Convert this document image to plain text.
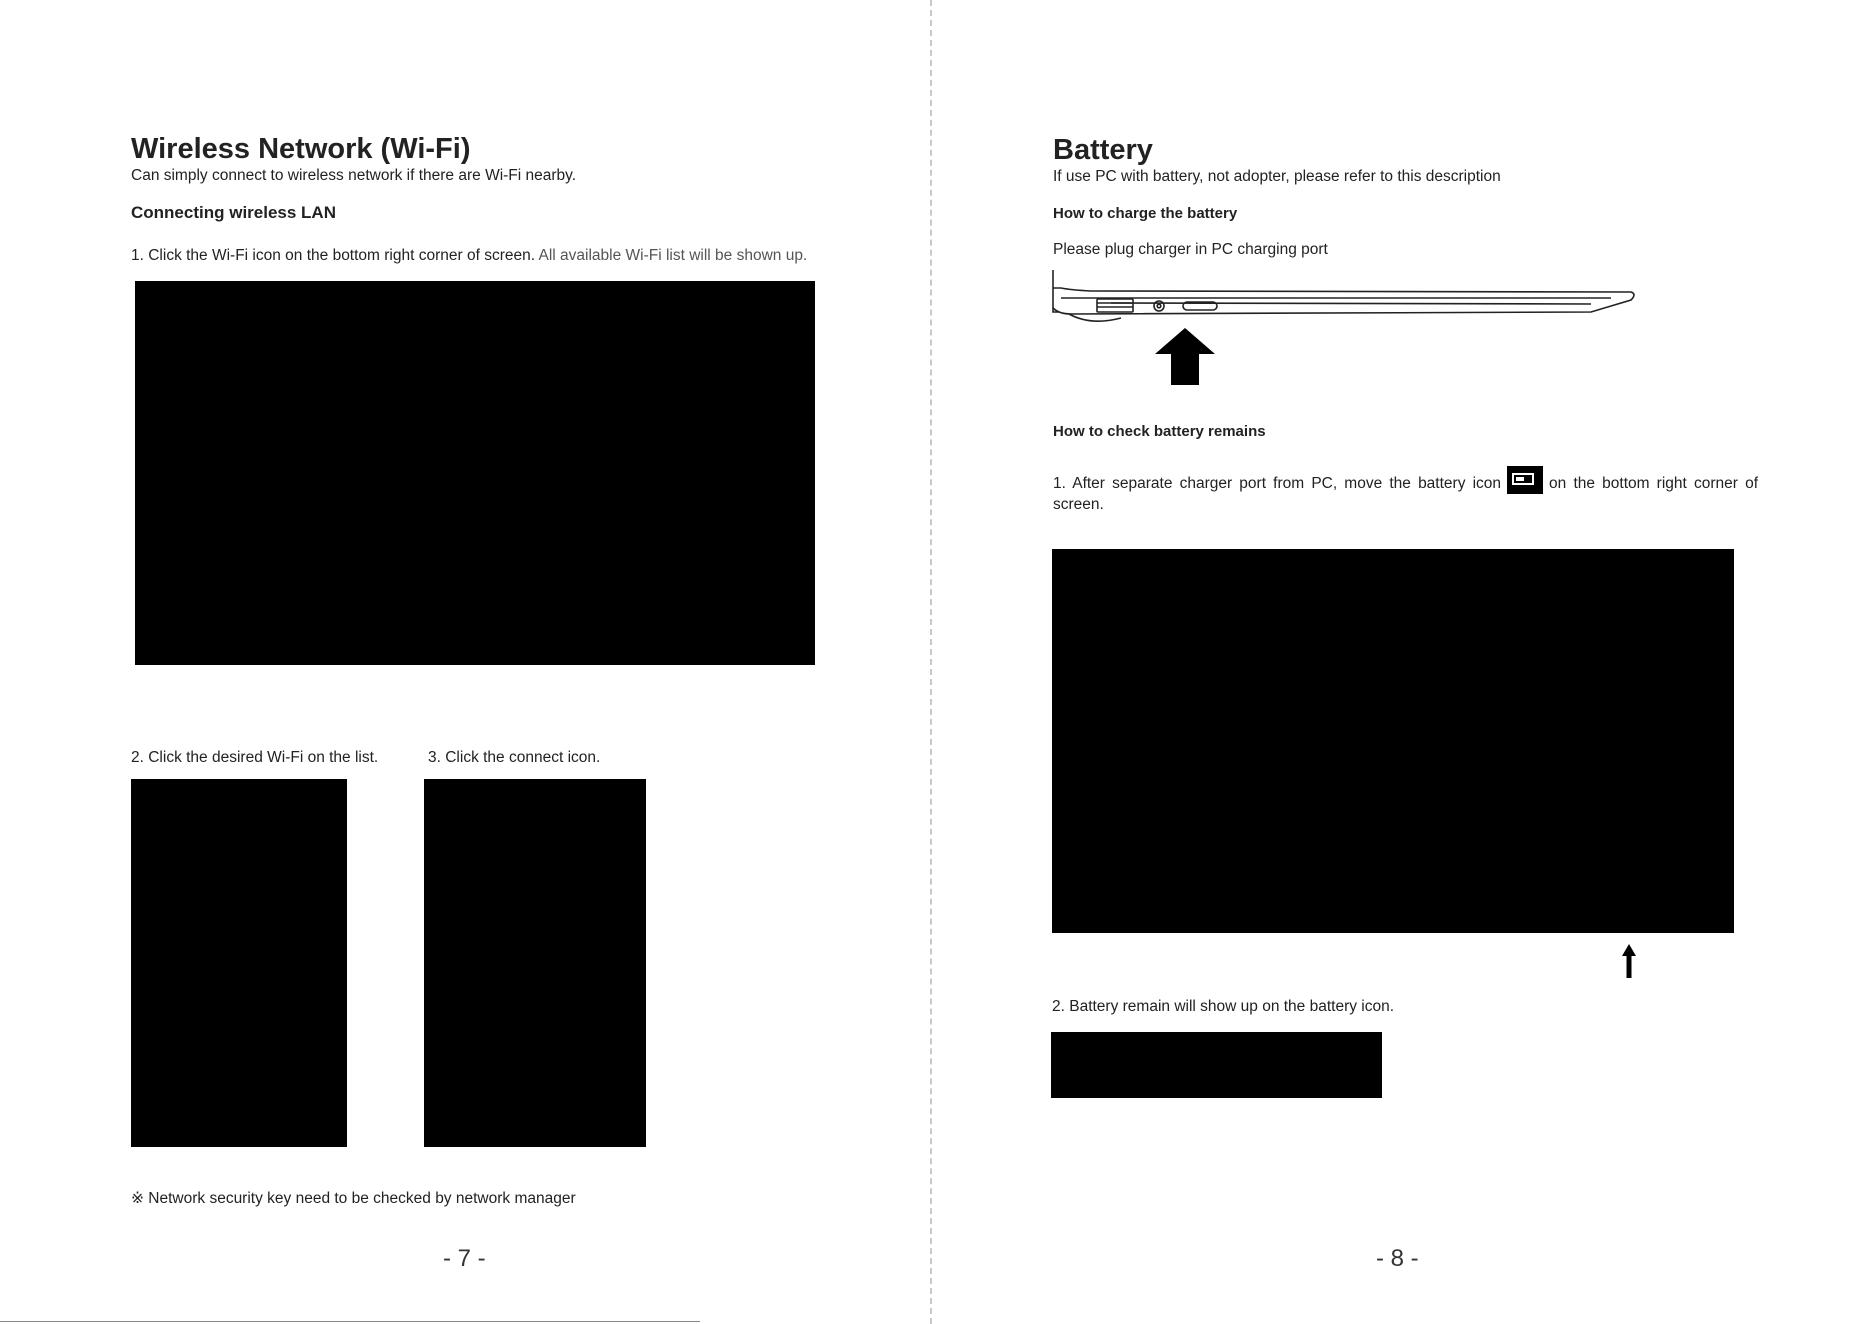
Wireless Network (Wi-Fi)
Can simply connect to wireless network if there are Wi-Fi nearby.
Connecting wireless LAN
1. Click the Wi-Fi icon on the bottom right corner of screen. All available Wi-Fi list will be shown up.
2. Click the desired Wi-Fi on the list.	3. Click the connect icon.
※ Network security key need to be checked by network manager
- 7 -
Battery
If use PC with battery, not adopter, please refer to this description
How to charge the battery
Please plug charger in PC charging port
How to check battery remains
1. After separate charger port from PC, move the battery icon	on the bottom right corner of screen.
2. Battery remain will show up on the battery icon.
- 8 -
